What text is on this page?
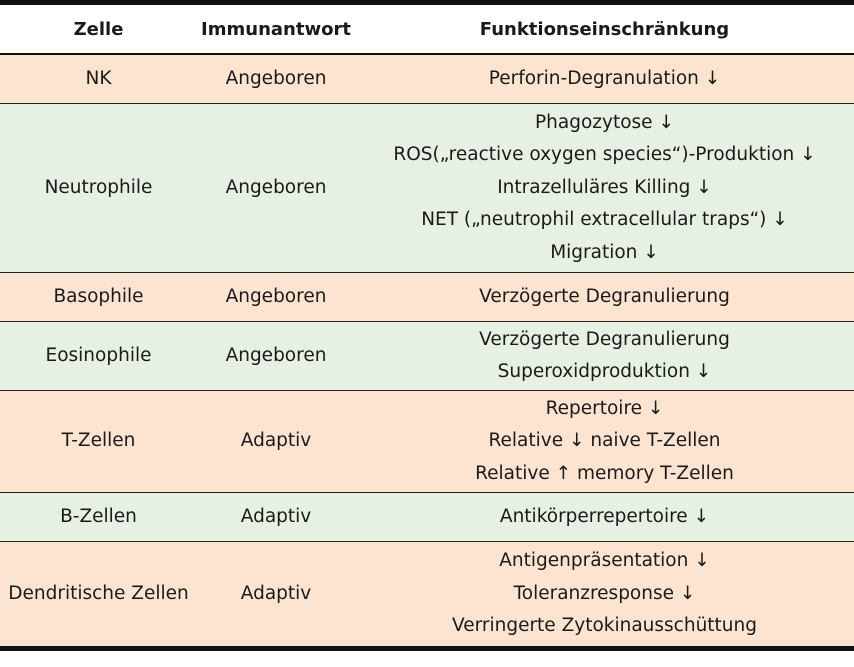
Zelle	Immunantwort	Funktionseinschränkung
NK	Angeboren	Perforin-Degranulation ↓

Neutrophile	Angeboren	Phagozytose ↓
ROS(„reactive oxygen species“)-Produktion ↓
Intrazelluläres Killing ↓
NET („neutrophil extracellular traps“) ↓
Migration ↓

Basophile	Angeboren	Verzögerte Degranulierung

Eosinophile	Angeboren	Verzögerte Degranulierung
Superoxidproduktion ↓

T-Zellen	Adaptiv	Repertoire ↓
Relative ↓ naive T-Zellen
Relative ↑ memory T-Zellen

B-Zellen	Adaptiv	Antikörperrepertoire ↓

Dendritische Zellen	Adaptiv	Antigenpräsentation ↓
Toleranzresponse ↓
Verringerte Zytokinausschüttung
